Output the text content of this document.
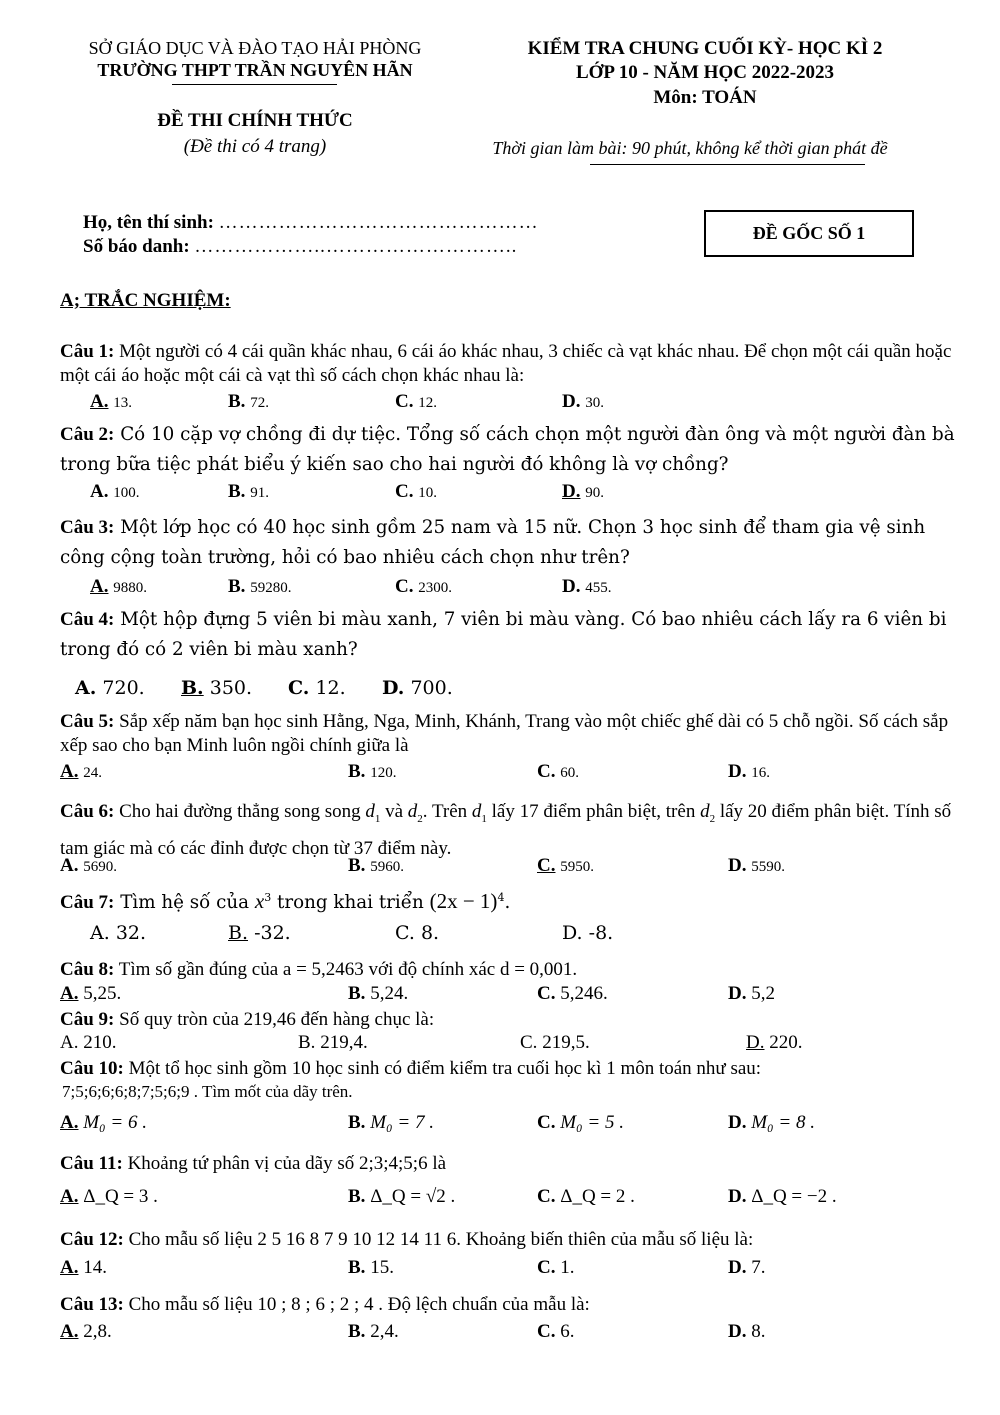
SỞ GIÁO DỤC VÀ ĐÀO TẠO HẢI PHÒNG
TRƯỜNG THPT TRẦN NGUYÊN HÃN
KIỂM TRA CHUNG CUỐI KỲ- HỌC KÌ 2
LỚP 10 - NĂM HỌC 2022-2023
Môn: TOÁN
ĐỀ THI CHÍNH THỨC
(Đề thi có 4 trang)	Thời gian làm bài: 90 phút, không kể thời gian phát đề
Họ, tên thí sinh: …………………………………………
Số báo danh: ………………..………………………..
ĐỀ GỐC SỐ 1
A; TRẮC NGHIỆM:
Câu 1: Một người có 4 cái quần khác nhau, 6 cái áo khác nhau, 3 chiếc cà vạt khác nhau. Để chọn một cái quần hoặc một cái áo hoặc một cái cà vạt thì số cách chọn khác nhau là:
A. 13.	B. 72.	C. 12.	D. 30.
Câu 2: Có 10 cặp vợ chồng đi dự tiệc. Tổng số cách chọn một người đàn ông và một người đàn bà trong bữa tiệc phát biểu ý kiến sao cho hai người đó không là vợ chồng?
A. 100.	B. 91.	C. 10.	D. 90.
Câu 3: Một lớp học có 40 học sinh gồm 25 nam và 15 nữ. Chọn 3 học sinh để tham gia vệ sinh công cộng toàn trường, hỏi có bao nhiêu cách chọn như trên?
A. 9880.	B. 59280.	C. 2300.	D. 455.
Câu 4: Một hộp đựng 5 viên bi màu xanh, 7 viên bi màu vàng. Có bao nhiêu cách lấy ra 6 viên bi trong đó có 2 viên bi màu xanh?
A. 720. B. 350. C. 12. D. 700.
Câu 5: Sắp xếp năm bạn học sinh Hằng, Nga, Minh, Khánh, Trang vào một chiếc ghế dài có 5 chỗ ngồi. Số cách sắp xếp sao cho bạn Minh luôn ngồi chính giữa là
A. 24.	B. 120.	C. 60.	D. 16.
Câu 6: Cho hai đường thẳng song song $d_1$ và $d_2$. Trên $d_1$ lấy 17 điểm phân biệt, trên $d_2$ lấy 20 điểm phân biệt. Tính số tam giác mà có các đỉnh được chọn từ 37 điểm này.
A. 5690.	B. 5960.	C. 5950.	D. 5590.
Câu 7: Tìm hệ số của $x^3$ trong khai triển $(2x - 1)^4$.
A. 32.	B. -32.	C. 8.	D. -8.
Câu 8: Tìm số gần đúng của a = 5,2463 với độ chính xác d = 0,001.
A. 5,25.	B. 5,24.	C. 5,246.	D. 5,2
Câu 9: Số quy tròn của 219,46 đến hàng chục là:
A. 210.	B. 219,4.	C. 219,5.	D. 220.
Câu 10: Một tổ học sinh gồm 10 học sinh có điểm kiểm tra cuối học kì 1 môn toán như sau:
7;5;6;6;6;8;7;5;6;9 . Tìm mốt của dãy trên.
A. M₀ = 6 .	B. M₀ = 7 .	C. M₀ = 5 .	D. M₀ = 8 .
Câu 11: Khoảng tứ phân vị của dãy số 2;3;4;5;6 là
A. Δ_Q = 3 .	B. Δ_Q = √2 .	C. Δ_Q = 2 .	D. Δ_Q = −2 .
Câu 12: Cho mẫu số liệu 2 5 16 8 7 9 10 12 14 11 6. Khoảng biến thiên của mẫu số liệu là:
A. 14.	B. 15.	C. 1.	D. 7.
Câu 13: Cho mẫu số liệu 10 ; 8 ; 6 ; 2 ; 4 . Độ lệch chuẩn của mẫu là:
A. 2,8.	B. 2,4.	C. 6.	D. 8.
